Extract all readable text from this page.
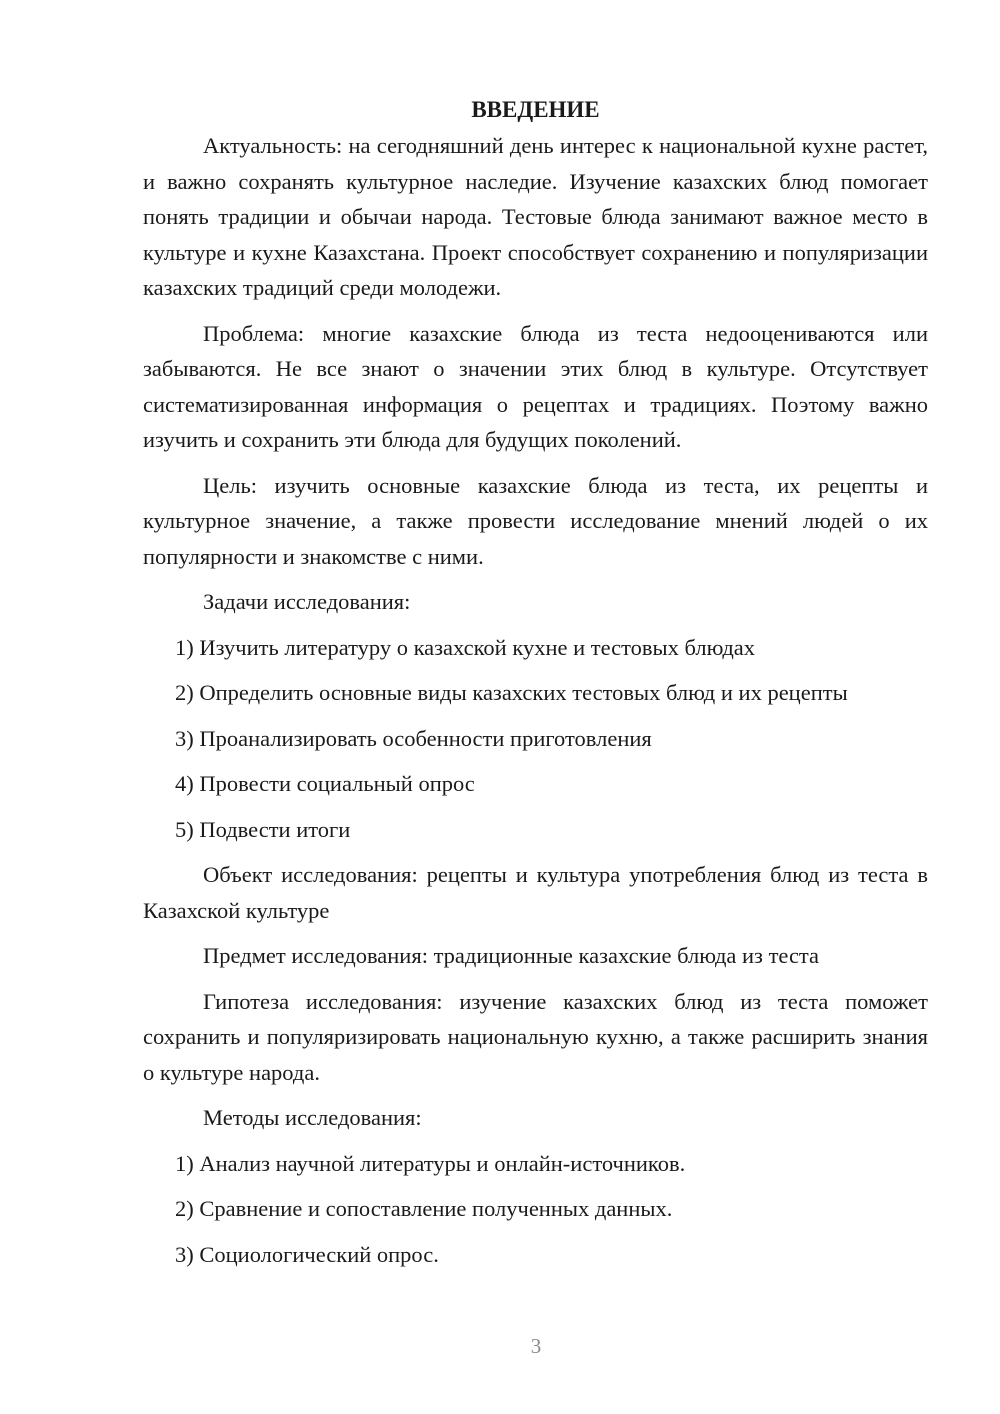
ВВЕДЕНИЕ

Актуальность: на сегодняшний день интерес к национальной кухне растет, и важно сохранять культурное наследие. Изучение казахских блюд помогает понять традиции и обычаи народа. Тестовые блюда занимают важное место в культуре и кухне Казахстана. Проект способствует сохранению и популяризации казахских традиций среди молодежи.

Проблема: многие казахские блюда из теста недооцениваются или забываются. Не все знают о значении этих блюд в культуре. Отсутствует систематизированная информация о рецептах и традициях. Поэтому важно изучить и сохранить эти блюда для будущих поколений.

Цель: изучить основные казахские блюда из теста, их рецепты и культурное значение, а также провести исследование мнений людей о их популярности и знакомстве с ними.

Задачи исследования:

1) Изучить литературу о казахской кухне и тестовых блюдах

2) Определить основные виды казахских тестовых блюд и их рецепты

3) Проанализировать особенности приготовления

4) Провести социальный опрос

5) Подвести итоги

Объект исследования: рецепты и культура употребления блюд из теста в Казахской культуре

Предмет исследования: традиционные казахские блюда из теста

Гипотеза исследования: изучение казахских блюд из теста поможет сохранить и популяризировать национальную кухню, а также расширить знания о культуре народа.

Методы исследования:

1) Анализ научной литературы и онлайн-источников.

2) Сравнение и сопоставление полученных данных.

3) Социологический опрос.

3
